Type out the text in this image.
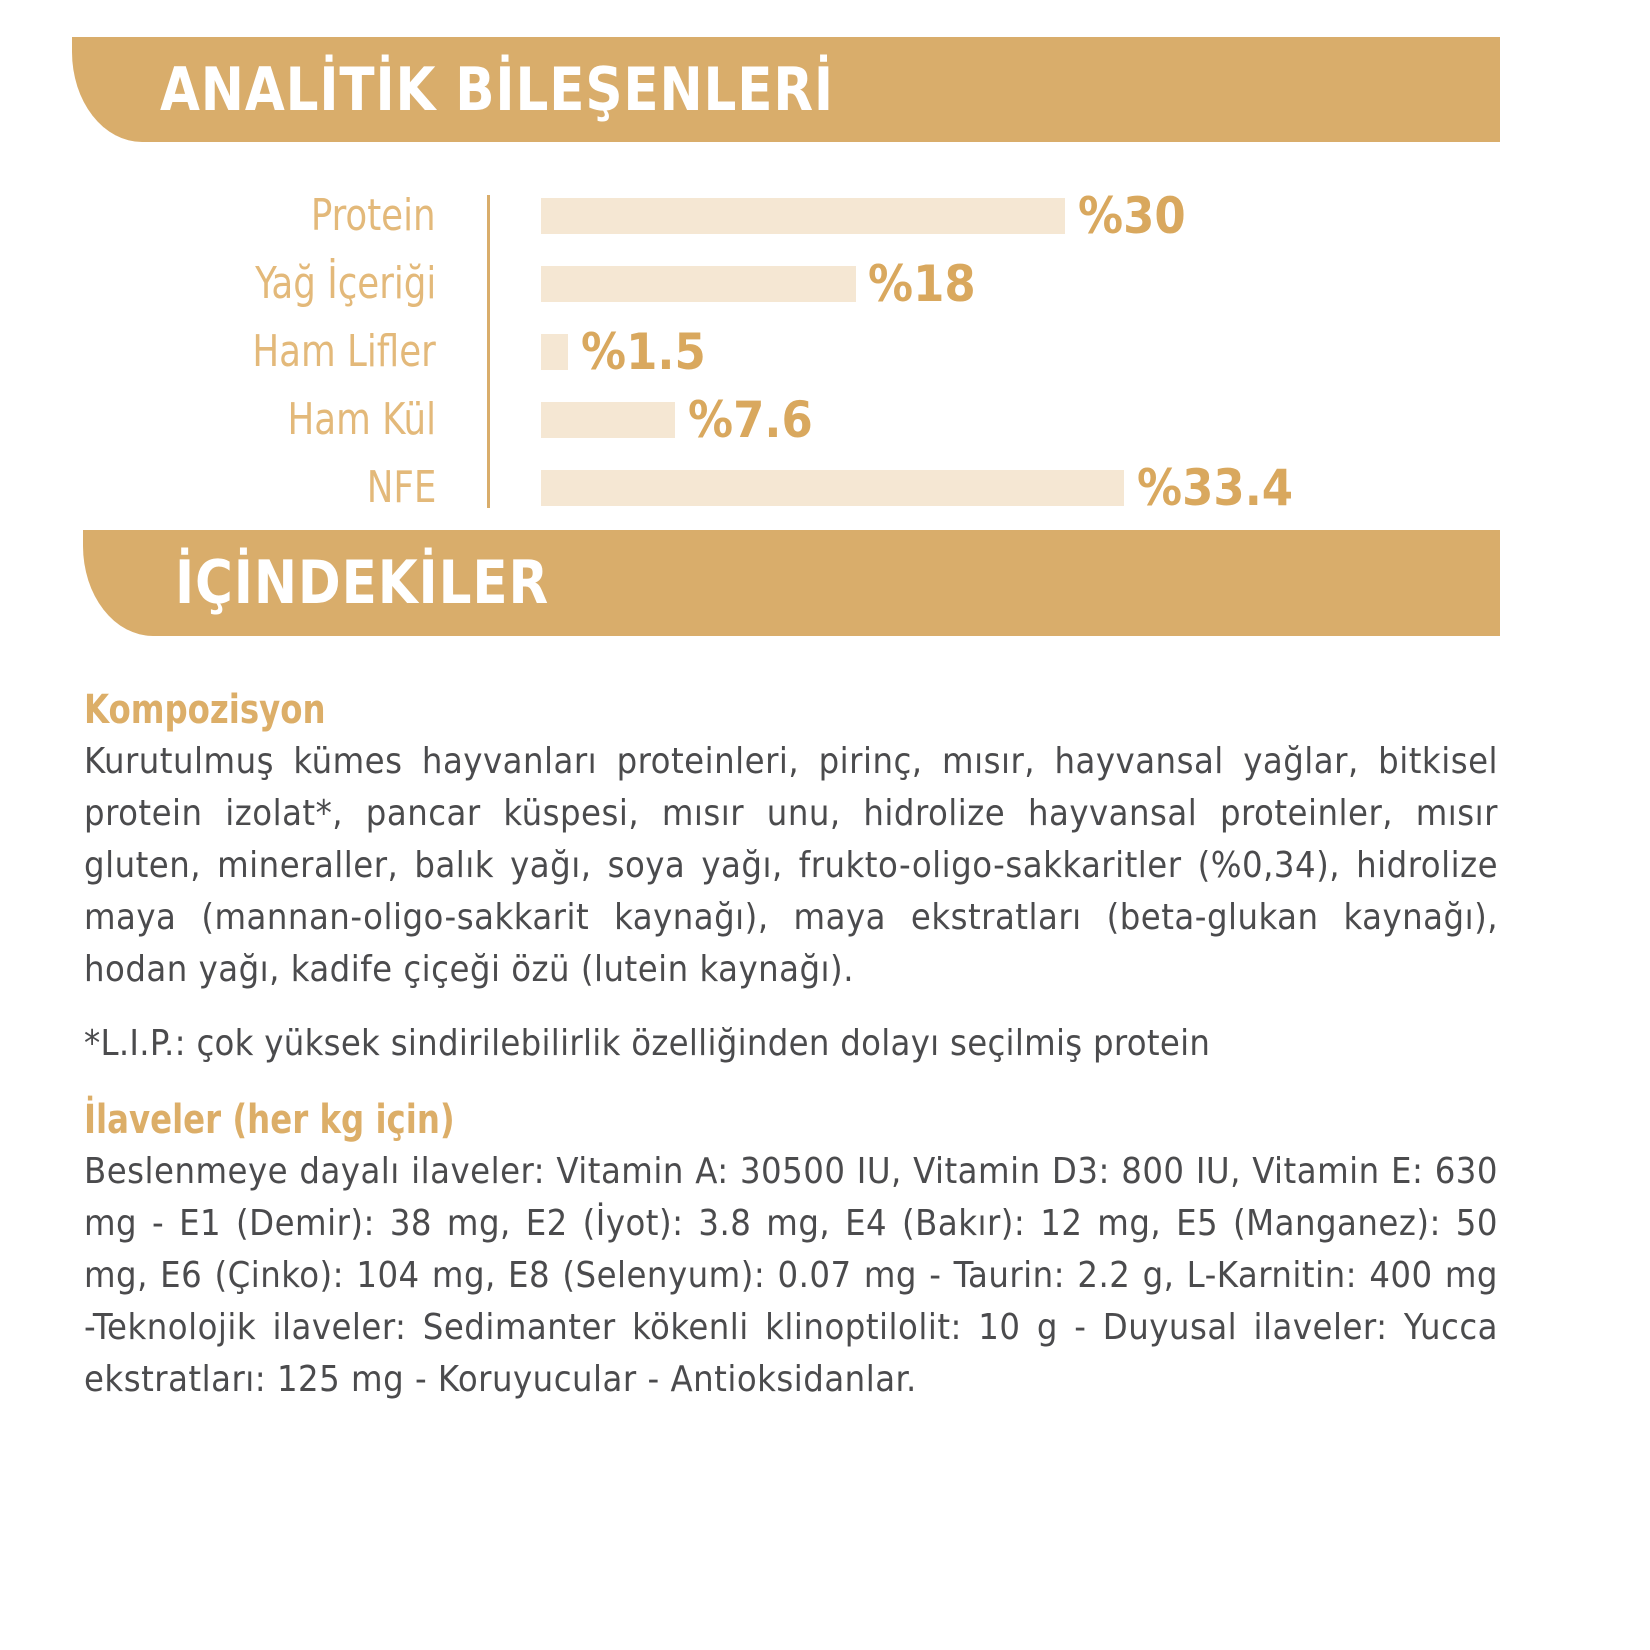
ANALİTİK BİLEŞENLERİ
Protein	%30
Yağ İçeriği	%18
Ham Lifler	%1.5
Ham Kül	%7.6
NFE	%33.4
İÇİNDEKİLER
Kompozisyon

Kurutulmuş kümes hayvanları proteinleri, pirinç, mısır, hayvansal yağlar, bitkisel protein izolat*, pancar küspesi, mısır unu, hidrolize hayvansal proteinler, mısır gluten, mineraller, balık yağı, soya yağı, frukto-oligo-sakkaritler (%0,34), hidrolize maya (mannan-oligo-sakkarit kaynağı), maya ekstratları (beta-glukan kaynağı), hodan yağı, kadife çiçeği özü (lutein kaynağı).

*L.I.P.: çok yüksek sindirilebilirlik özelliğinden dolayı seçilmiş protein

İlaveler (her kg için)

Beslenmeye dayalı ilaveler: Vitamin A: 30500 IU, Vitamin D3: 800 IU, Vitamin E: 630 mg - E1 (Demir): 38 mg, E2 (İyot): 3.8 mg, E4 (Bakır): 12 mg, E5 (Manganez): 50 mg, E6 (Çinko): 104 mg, E8 (Selenyum): 0.07 mg - Taurin: 2.2 g, L-Karnitin: 400 mg -Teknolojik ilaveler: Sedimanter kökenli klinoptilolit: 10 g - Duyusal ilaveler: Yucca ekstratları: 125 mg - Koruyucular - Antioksidanlar.
